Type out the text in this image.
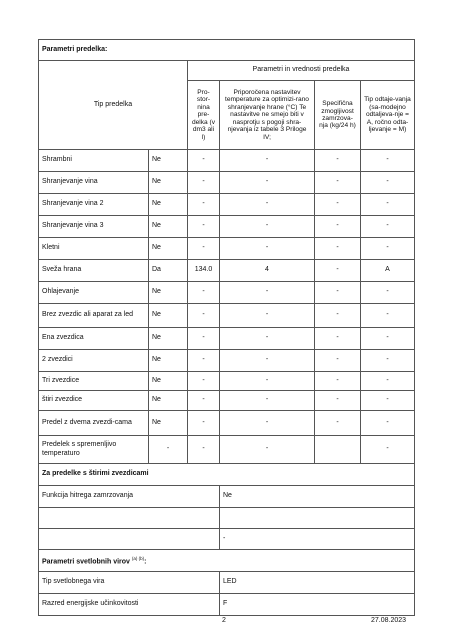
Parametri predelka:					
Tip predelka		Parametri in vrednosti predelka			
		Pro-stor-nina pre-delka (v dm3 ali l)	Priporočena nastavitev temperature za optimizi-rano shranjevanje hrane (°C) Te nastavitve ne smejo biti v nasprotju s pogoji shra-njevanja iz tabele 3 Priloge IV;	Specifična zmogljivost zamrzova-nja (kg/24 h)	Tip odtaje-vanja (sa-modejno odtaljeva-nje = A, ročno odta-ljevanje = M)
Shrambni	Ne	-	-	-	-
Shranjevanje vina	Ne	-	-	-	-
Shranjevanje vina 2	Ne	-	-	-	-
Shranjevanje vina 3	Ne	-	-	-	-
Kletni	Ne	-	-	-	-
Sveža hrana	Da	134.0	4	-	A
Ohlajevanje	Ne	-	-	-	-
Brez zvezdic ali aparat za led	Ne	-	-	-	-
Ena zvezdica	Ne	-	-	-	-
2 zvezdici	Ne	-	-	-	-
Tri zvezdice	Ne	-	-	-	-
štiri zvezdice	Ne	-	-	-	-
Predel z dvema zvezdi-cama	Ne	-	-	-	-
Predelek s spremenljivo temperaturo	-	-	-		-
Za predelke s štirimi zvezdicami					
Funkcija hitrega zamrzovanja			Ne		

			-		
Parametri svetlobnih virov $^{(a) (b)}$:					
Tip svetlobnega vira			LED		
Razred energijske učinkovitosti			F		
2	27.08.2023
